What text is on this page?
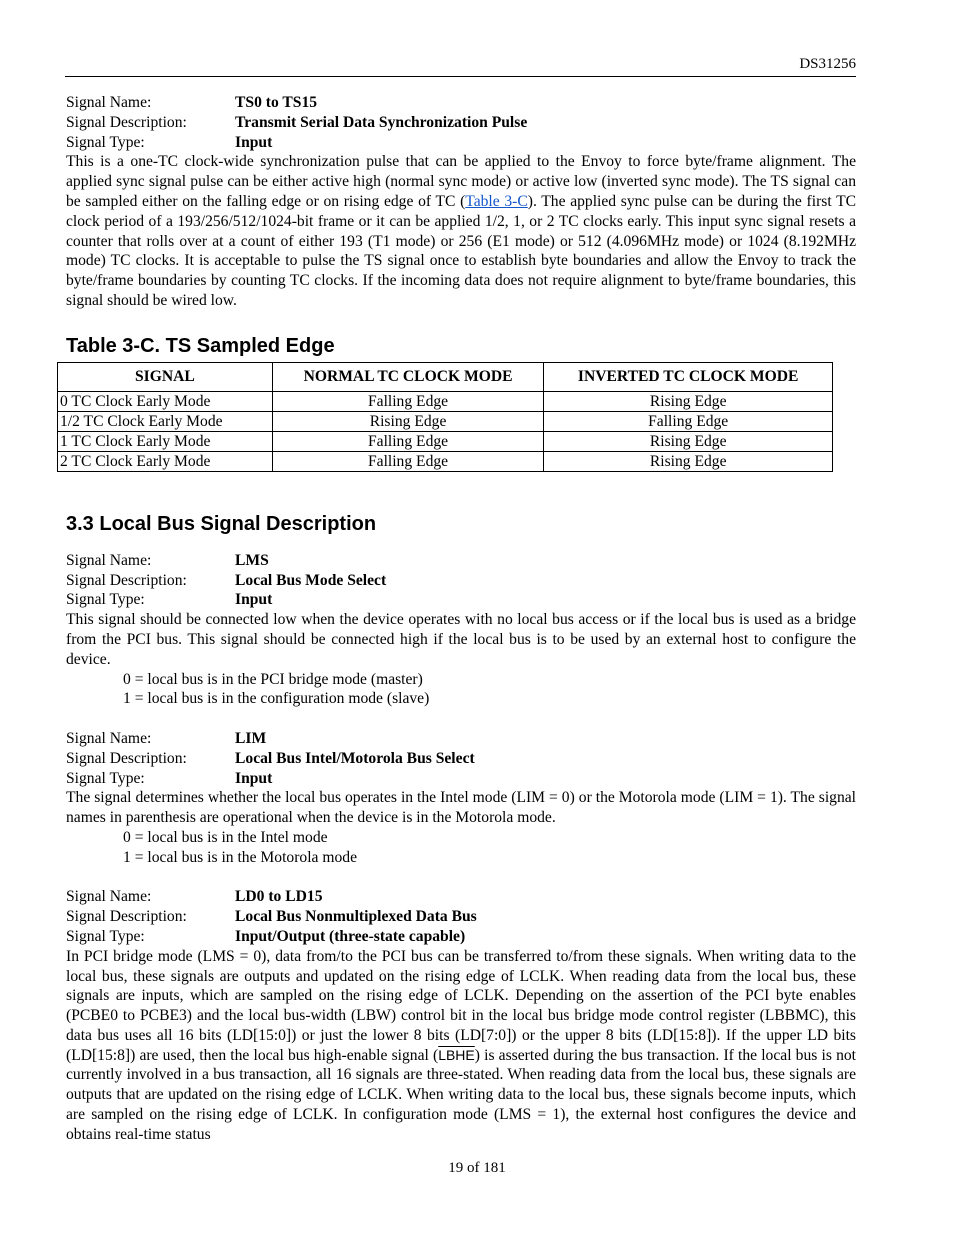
DS31256
Signal Name:	TS0 to TS15
Signal Description:	Transmit Serial Data Synchronization Pulse
Signal Type:	Input
This is a one-TC clock-wide synchronization pulse that can be applied to the Envoy to force byte/frame alignment. The applied sync signal pulse can be either active high (normal sync mode) or active low (inverted sync mode). The TS signal can be sampled either on the falling edge or on rising edge of TC (Table 3-C). The applied sync pulse can be during the first TC clock period of a 193/256/512/1024-bit frame or it can be applied 1/2, 1, or 2 TC clocks early. This input sync signal resets a counter that rolls over at a count of either 193 (T1 mode) or 256 (E1 mode) or 512 (4.096MHz mode) or 1024 (8.192MHz mode) TC clocks. It is acceptable to pulse the TS signal once to establish byte boundaries and allow the Envoy to track the byte/frame boundaries by counting TC clocks. If the incoming data does not require alignment to byte/frame boundaries, this signal should be wired low.
Table 3-C. TS Sampled Edge
SIGNAL	NORMAL TC CLOCK MODE	INVERTED TC CLOCK MODE
0 TC Clock Early Mode	Falling Edge	Rising Edge
1/2 TC Clock Early Mode	Rising Edge	Falling Edge
1 TC Clock Early Mode	Falling Edge	Rising Edge
2 TC Clock Early Mode	Falling Edge	Rising Edge
3.3 Local Bus Signal Description
Signal Name:	LMS
Signal Description:	Local Bus Mode Select
Signal Type:	Input
This signal should be connected low when the device operates with no local bus access or if the local bus is used as a bridge from the PCI bus. This signal should be connected high if the local bus is to be used by an external host to configure the device.
0 = local bus is in the PCI bridge mode (master)
1 = local bus is in the configuration mode (slave)
Signal Name:	LIM
Signal Description:	Local Bus Intel/Motorola Bus Select
Signal Type:	Input
The signal determines whether the local bus operates in the Intel mode (LIM = 0) or the Motorola mode (LIM = 1). The signal names in parenthesis are operational when the device is in the Motorola mode.
0 = local bus is in the Intel mode
1 = local bus is in the Motorola mode
Signal Name:	LD0 to LD15
Signal Description:	Local Bus Nonmultiplexed Data Bus
Signal Type:	Input/Output (three-state capable)
In PCI bridge mode (LMS = 0), data from/to the PCI bus can be transferred to/from these signals. When writing data to the local bus, these signals are outputs and updated on the rising edge of LCLK. When reading data from the local bus, these signals are inputs, which are sampled on the rising edge of LCLK. Depending on the assertion of the PCI byte enables (PCBE0 to PCBE3) and the local bus-width (LBW) control bit in the local bus bridge mode control register (LBBMC), this data bus uses all 16 bits (LD[15:0]) or just the lower 8 bits (LD[7:0]) or the upper 8 bits (LD[15:8]). If the upper LD bits (LD[15:8]) are used, then the local bus high-enable signal (LBHE) is asserted during the bus transaction. If the local bus is not currently involved in a bus transaction, all 16 signals are three-stated. When reading data from the local bus, these signals are outputs that are updated on the rising edge of LCLK. When writing data to the local bus, these signals become inputs, which are sampled on the rising edge of LCLK. In configuration mode (LMS = 1), the external host configures the device and obtains real-time status
19 of 181
